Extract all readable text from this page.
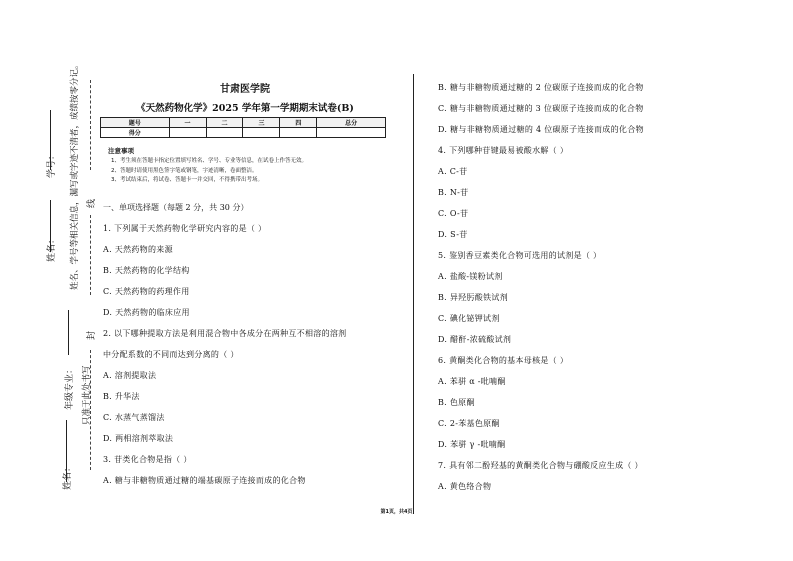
学号： 姓名、学号等相关信息，漏写或字迹不清者，成绩按零分记。
只准于此处书写
姓名：
年级专业：
姓名：
线
封
甘肃医学院
《天然药物化学》2025 学年第一学期期末试卷(B)
题号	一	二	三	四	总分
得分					
注意事项
1、考生须在答题卡指定位置填写姓名、学号、专业等信息，在试卷上作答无效。
2、答题时请使用黑色签字笔或钢笔，字迹清晰，卷面整洁。
3、考试结束后，将试卷、答题卡一并交回，不得携带出考场。
一、单项选择题（每题 2 分，共 30 分）
1. 下列属于天然药物化学研究内容的是（ ）
A. 天然药物的来源
B. 天然药物的化学结构
C. 天然药物的药理作用
D. 天然药物的临床应用
2. 以下哪种提取方法是利用混合物中各成分在两种互不相溶的溶剂
中分配系数的不同而达到分离的（ ）
A. 溶剂提取法
B. 升华法
C. 水蒸气蒸馏法
D. 两相溶剂萃取法
3. 苷类化合物是指（ ）
A. 糖与非糖物质通过糖的端基碳原子连接而成的化合物
B. 糖与非糖物质通过糖的 2 位碳原子连接而成的化合物
C. 糖与非糖物质通过糖的 3 位碳原子连接而成的化合物
D. 糖与非糖物质通过糖的 4 位碳原子连接而成的化合物
4. 下列哪种苷键最易被酸水解（ ）
A. C-苷
B. N-苷
C. O-苷
D. S-苷
5. 鉴别香豆素类化合物可选用的试剂是（ ）
A. 盐酸-镁粉试剂
B. 异羟肟酸铁试剂
C. 碘化铋钾试剂
D. 醋酐-浓硫酸试剂
6. 黄酮类化合物的基本母核是（ ）
A. 苯骈 α -吡喃酮
B. 色原酮
C. 2-苯基色原酮
D. 苯骈 γ -吡喃酮
7. 具有邻二酚羟基的黄酮类化合物与硼酸反应生成（ ）
A. 黄色络合物
第1页，共4页
